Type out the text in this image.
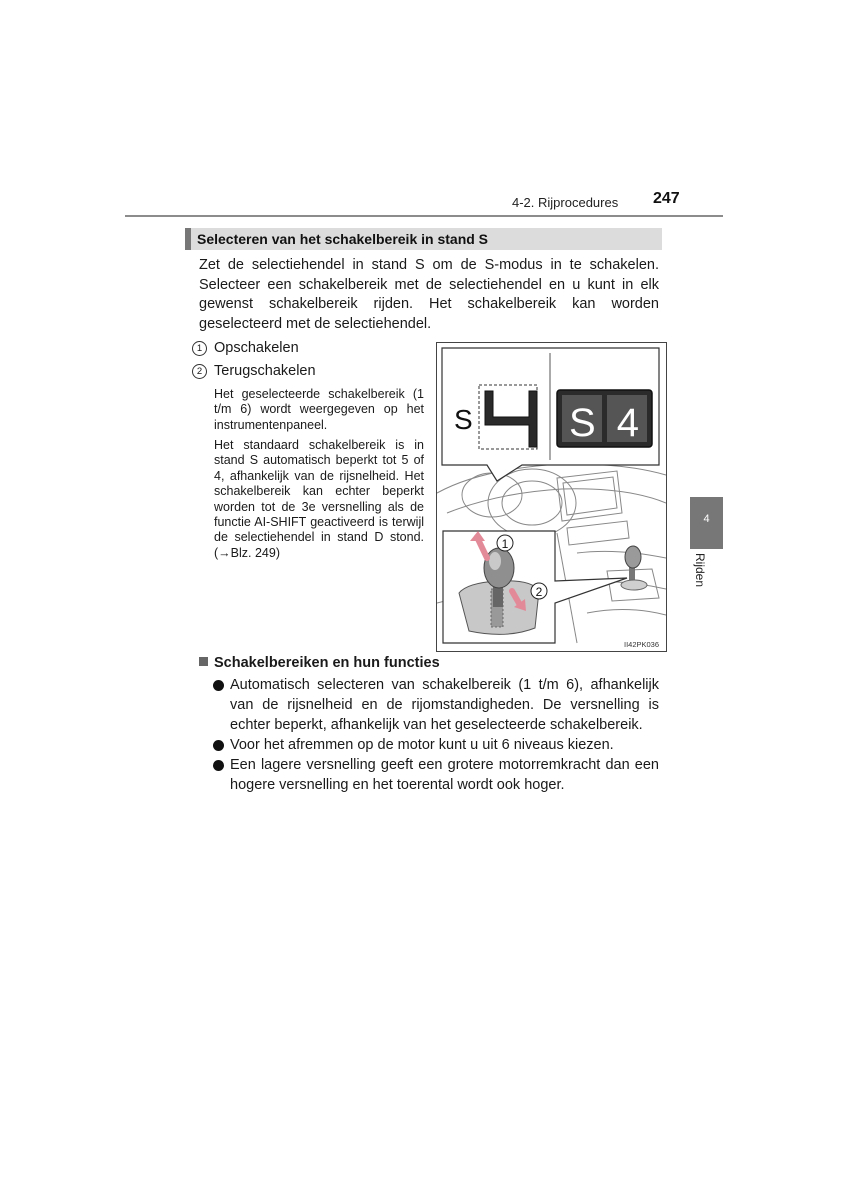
4-2. Rijprocedures 247
Selecteren van het schakelbereik in stand S
Zet de selectiehendel in stand S om de S-modus in te schakelen. Selecteer een schakelbereik met de selectiehendel en u kunt in elk gewenst schakelbereik rijden. Het schakelbereik kan worden geselecteerd met de selectiehendel.
1 Opschakelen
2 Terugschakelen
Het geselecteerde schakelbereik (1 t/m 6) wordt weergegeven op het instrumentenpaneel.
Het standaard schakelbereik is in stand S automatisch beperkt tot 5 of 4, afhankelijk van de rijsnelheid. Het schakelbereik kan echter beperkt worden tot de 3e versnelling als de functie AI-SHIFT geactiveerd is terwijl de selectiehendel in stand D stond. (→Blz. 249)
S S 4
1
2
II42PK036
4
Rijden
Schakelbereiken en hun functies
Automatisch selecteren van schakelbereik (1 t/m 6), afhankelijk van de rijsnelheid en de rijomstandigheden. De versnelling is echter beperkt, afhankelijk van het geselecteerde schakelbereik.
Voor het afremmen op de motor kunt u uit 6 niveaus kiezen.
Een lagere versnelling geeft een grotere motorremkracht dan een hogere versnelling en het toerental wordt ook hoger.
